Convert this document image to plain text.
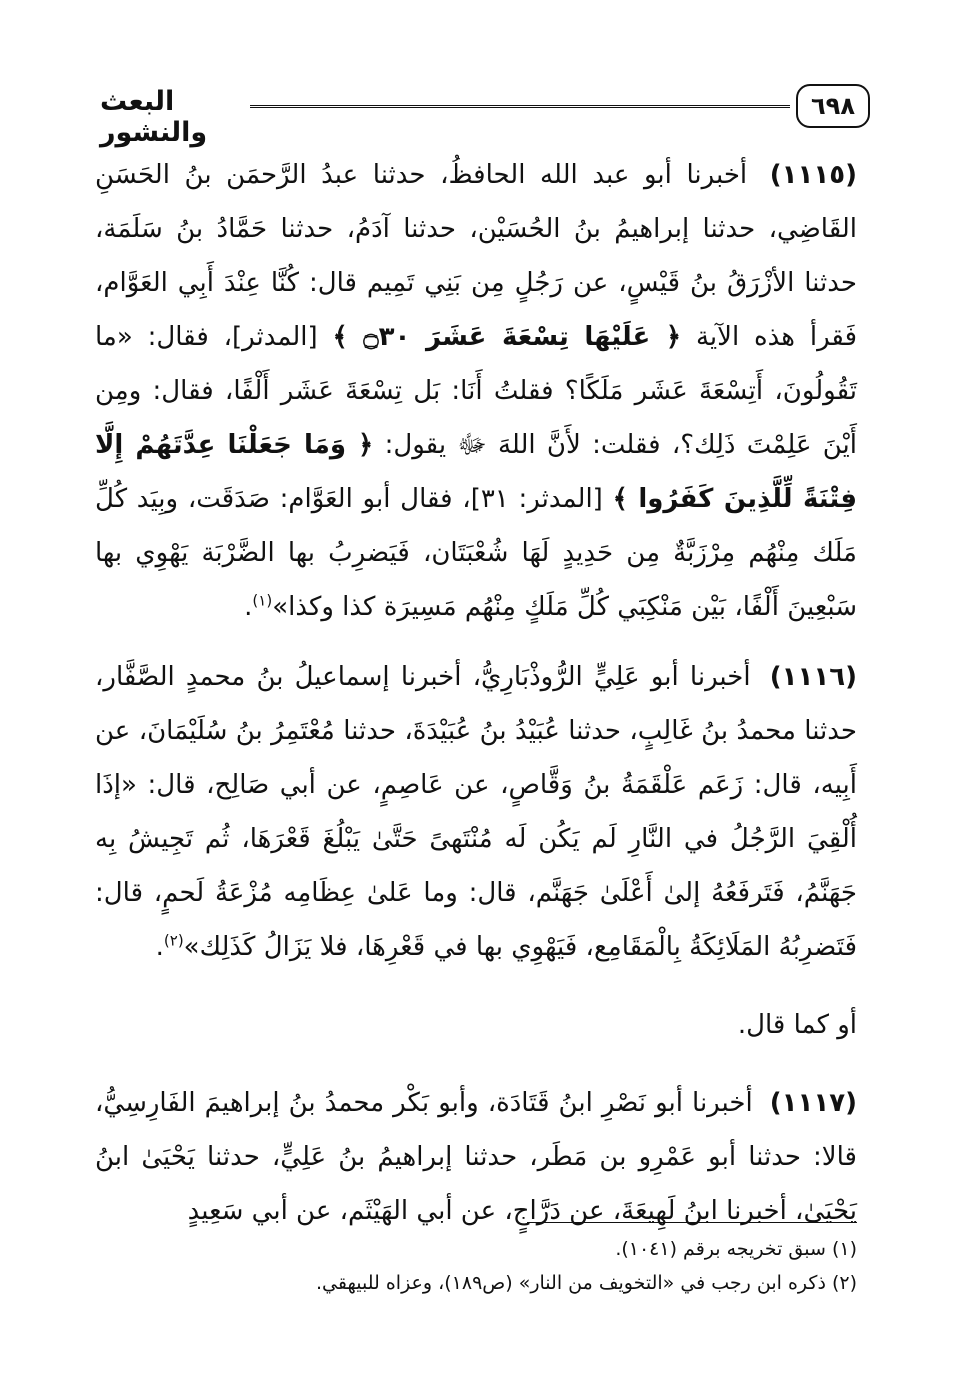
٦٩٨
البعث والنشور

(١١١٥) أخبرنا أبو عبد الله الحافظُ، حدثنا عبدُ الرَّحمَن بنُ الحَسَنِ القَاضِي، حدثنا إبراهيمُ بنُ الحُسَيْن، حدثنا آدَمُ، حدثنا حَمَّادُ بنُ سَلَمَة، حدثنا الأزْرَقُ بنُ قَيْسٍ، عن رَجُلٍ مِن بَنِي تَمِيم قال: كُنَّا عِنْدَ أَبِي العَوَّام، فَقرأ هذه الآية ﴿ عَلَيْهَا تِسْعَةَ عَشَرَ ۝٣٠ ﴾ [المدثر]، فقال: «ما تَقُولُونَ، أَتِسْعَةَ عَشَر مَلَكًا؟ فقلتُ أَنَا: بَل تِسْعَةَ عَشَر أَلْفًا، فقال: ومِن أَيْنَ عَلِمْتَ ذَلِك؟، فقلت: لأَنَّ اللهَ ﷻ يقول: ﴿ وَمَا جَعَلْنَا عِدَّتَهُمْ إِلَّا فِتْنَةً لِّلَّذِينَ كَفَرُوا ﴾ [المدثر: ٣١]، فقال أبو العَوَّام: صَدَقَت، وبِيَد كُلِّ مَلَك مِنْهُم مِرْزَبَّةٌ مِن حَدِيدٍ لَهَا شُعْبَتَان، فَيَضرِبُ بها الضَّرْبَة يَهْوِي بها سَبْعِينَ أَلْفًا، بَيْن مَنْكِبَي كُلِّ مَلَكٍ مِنْهُم مَسِيرَة كذا وكذا»$^{(١)}$.

(١١١٦) أخبرنا أبو عَلِيٍّ الرُّوذْبَارِيُّ، أخبرنا إسماعيلُ بنُ محمدٍ الصَّفَّار، حدثنا محمدُ بنُ غَالِبٍ، حدثنا عُبَيْدُ بنُ عُبَيْدَةَ، حدثنا مُعْتَمِرُ بنُ سُلَيْمَانَ، عن أَبِيه، قال: زَعَم عَلْقَمَةُ بنُ وَقَّاصٍ، عن عَاصِمٍ، عن أبي صَالِح، قال: «إذَا أُلْقِيَ الرَّجُلُ في النَّارِ لَم يَكُن لَه مُنْتَهىً حَتَّىٰ يَبْلُغَ قَعْرَهَا، ثُم تَجِيشُ بِه جَهَنَّمُ، فَتَرفَعُهُ إلىٰ أَعْلَىٰ جَهَنَّم، قال: وما عَلىٰ عِظَامِه مُزْعَةُ لَحمٍ، قال: فَتَضرِبُهُ المَلَائِكَةُ بِالْمَقَامِع، فَيَهْوِي بها في قَعْرِهَا، فلا يَزَالُ كَذَلِك»$^{(٢)}$.

أو كما قال.

(١١١٧) أخبرنا أبو نَصْرِ ابنُ قَتَادَة، وأبو بَكْر محمدُ بنُ إبراهيمَ الفَارِسِيُّ، قالا: حدثنا أبو عَمْرِو بن مَطَر، حدثنا إبراهيمُ بنُ عَلِيٍّ، حدثنا يَحْيَىٰ ابنُ يَحْيَىٰ، أخبرنا ابنُ لَهِيعَةَ، عن دَرَّاجٍ، عن أبي الهَيْثَم، عن أبي سَعِيدٍ

(١) سبق تخريجه برقم (١٠٤١).

(٢) ذكره ابن رجب في «التخويف من النار» (ص١٨٩)، وعزاه للبيهقي.
